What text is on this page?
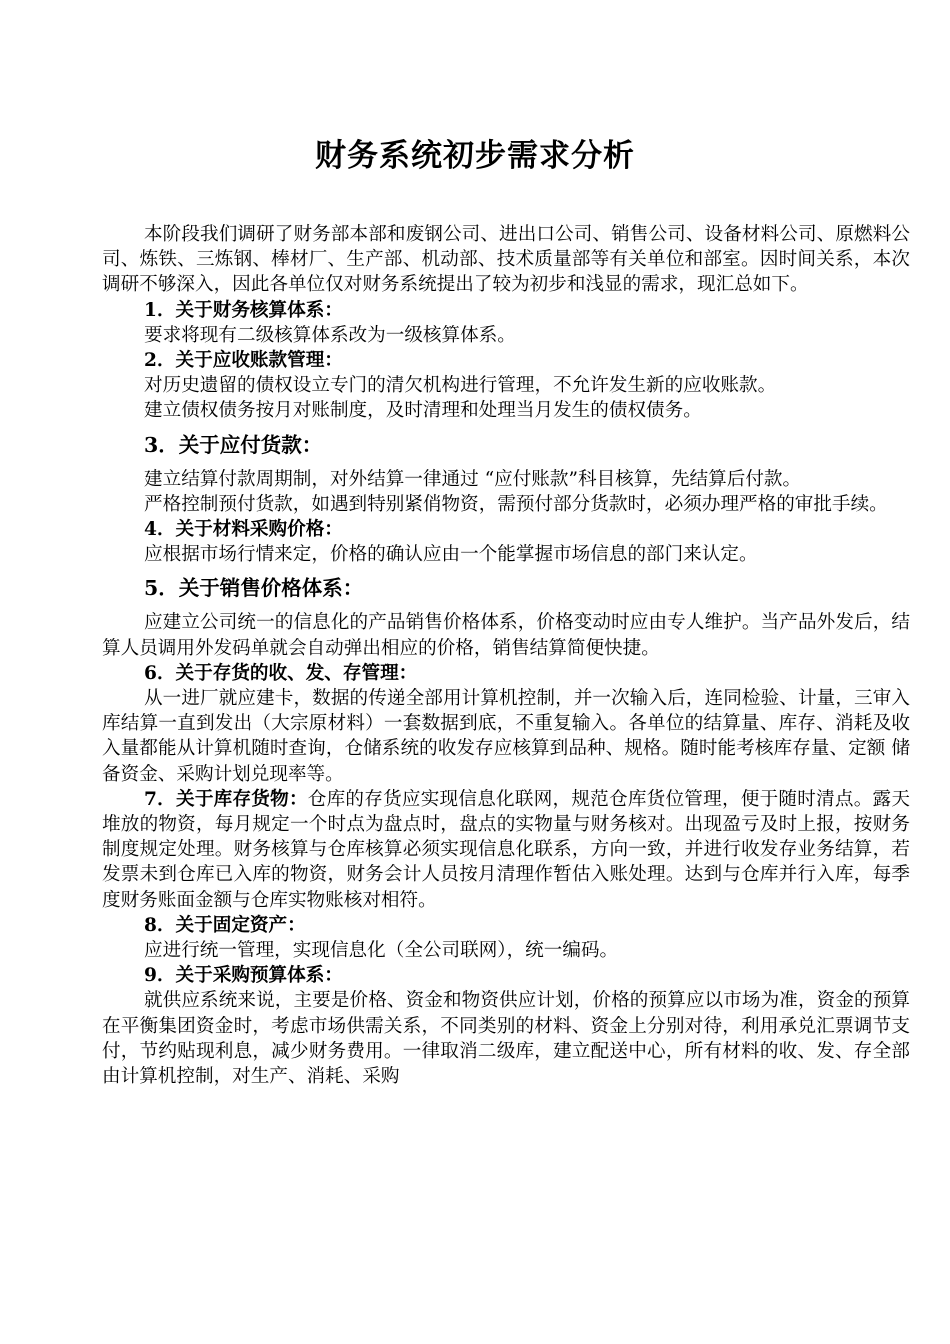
财务系统初步需求分析

本阶段我们调研了财务部本部和废钢公司、进出口公司、销售公司、设备材料公司、原燃料公司、炼铁、三炼钢、棒材厂、生产部、机动部、技术质量部等有关单位和部室。因时间关系，本次调研不够深入，因此各单位仅对财务系统提出了较为初步和浅显的需求，现汇总如下。

1．关于财务核算体系：

要求将现有二级核算体系改为一级核算体系。

2．关于应收账款管理：

对历史遗留的债权设立专门的清欠机构进行管理，不允许发生新的应收账款。

建立债权债务按月对账制度，及时清理和处理当月发生的债权债务。

3．关于应付货款：

建立结算付款周期制，对外结算一律通过 “应付账款”科目核算，先结算后付款。

严格控制预付货款，如遇到特别紧俏物资，需预付部分货款时，必须办理严格的审批手续。

4．关于材料采购价格：

应根据市场行情来定，价格的确认应由一个能掌握市场信息的部门来认定。

5．关于销售价格体系：

应建立公司统一的信息化的产品销售价格体系，价格变动时应由专人维护。当产品外发后，结算人员调用外发码单就会自动弹出相应的价格，销售结算简便快捷。

6．关于存货的收、发、存管理：

从一进厂就应建卡，数据的传递全部用计算机控制，并一次输入后，连同检验、计量，三审入库结算一直到发出（大宗原材料）一套数据到底，不重复输入。各单位的结算量、库存、消耗及收入量都能从计算机随时查询，仓储系统的收发存应核算到品种、规格。随时能考核库存量、定额 储备资金、采购计划兑现率等。

7．关于库存货物：仓库的存货应实现信息化联网，规范仓库货位管理，便于随时清点。露天堆放的物资，每月规定一个时点为盘点时，盘点的实物量与财务核对。出现盈亏及时上报，按财务制度规定处理。财务核算与仓库核算必须实现信息化联系，方向一致，并进行收发存业务结算，若发票未到仓库已入库的物资，财务会计人员按月清理作暂估入账处理。达到与仓库并行入库，每季度财务账面金额与仓库实物账核对相符。

8．关于固定资产：

应进行统一管理，实现信息化（全公司联网），统一编码。

9．关于采购预算体系：

就供应系统来说，主要是价格、资金和物资供应计划，价格的预算应以市场为准，资金的预算在平衡集团资金时，考虑市场供需关系，不同类别的材料、资金上分别对待，利用承兑汇票调节支付，节约贴现利息，减少财务费用。一律取消二级库，建立配送中心，所有材料的收、发、存全部由计算机控制，对生产、消耗、采购
